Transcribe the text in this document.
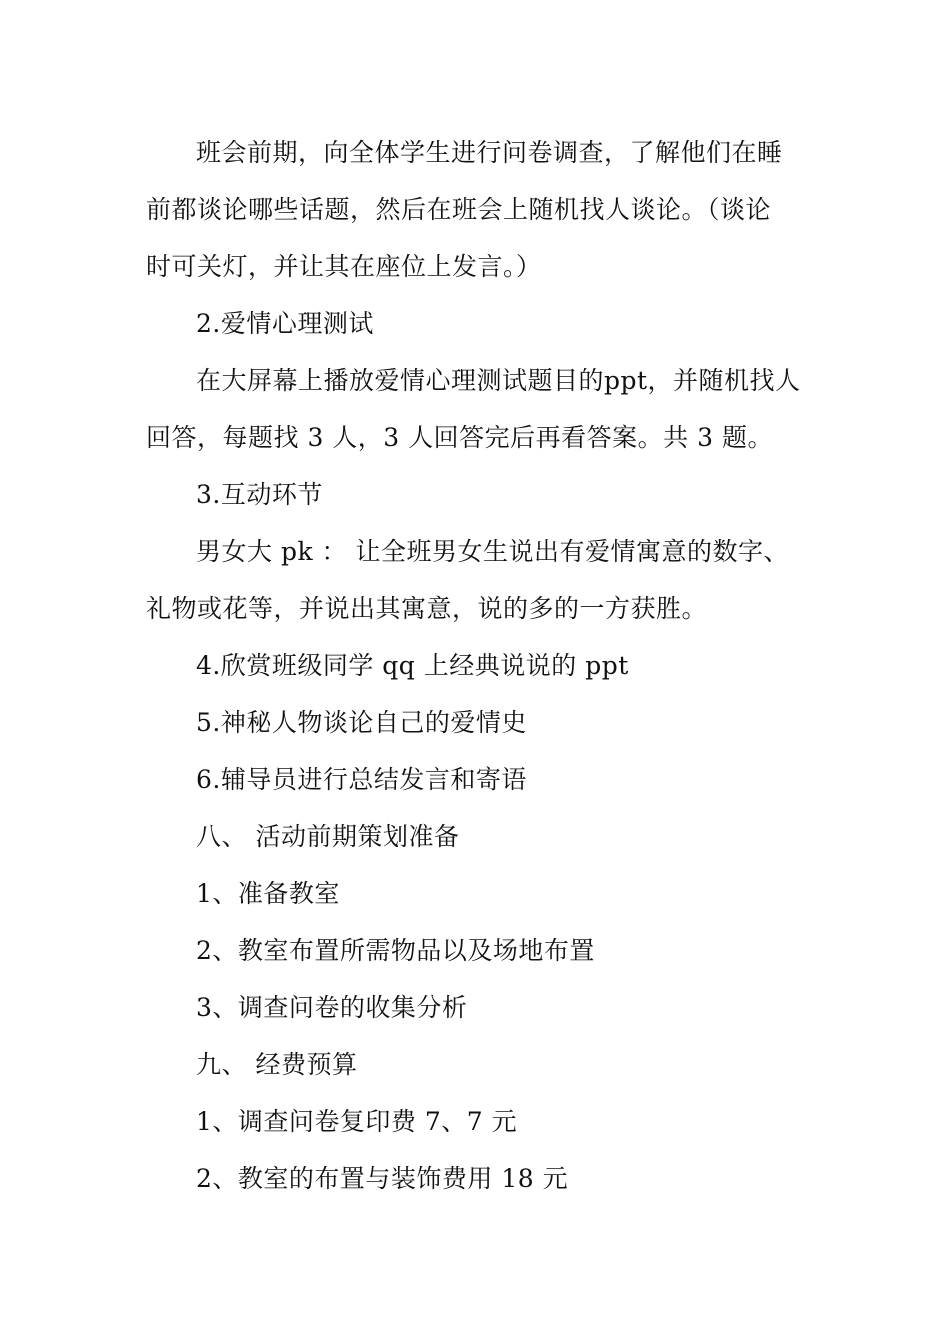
班会前期，向全体学生进行问卷调查，了解他们在睡
前都谈论哪些话题，然后在班会上随机找人谈论。（谈论
时可关灯，并让其在座位上发言。）
2.爱情心理测试
在大屏幕上播放爱情心理测试题目的ppt，并随机找人
回答，每题找 3 人，3 人回答完后再看答案。共 3 题。
3.互动环节
男女大 pk ： 让全班男女生说出有爱情寓意的数字、
礼物或花等，并说出其寓意，说的多的一方获胜。
4.欣赏班级同学 qq 上经典说说的 ppt
5.神秘人物谈论自己的爱情史
6.辅导员进行总结发言和寄语
八、 活动前期策划准备
1、准备教室
2、教室布置所需物品以及场地布置
3、调查问卷的收集分析
九、 经费预算
1、调查问卷复印费 7、7 元
2、教室的布置与装饰费用 18 元
